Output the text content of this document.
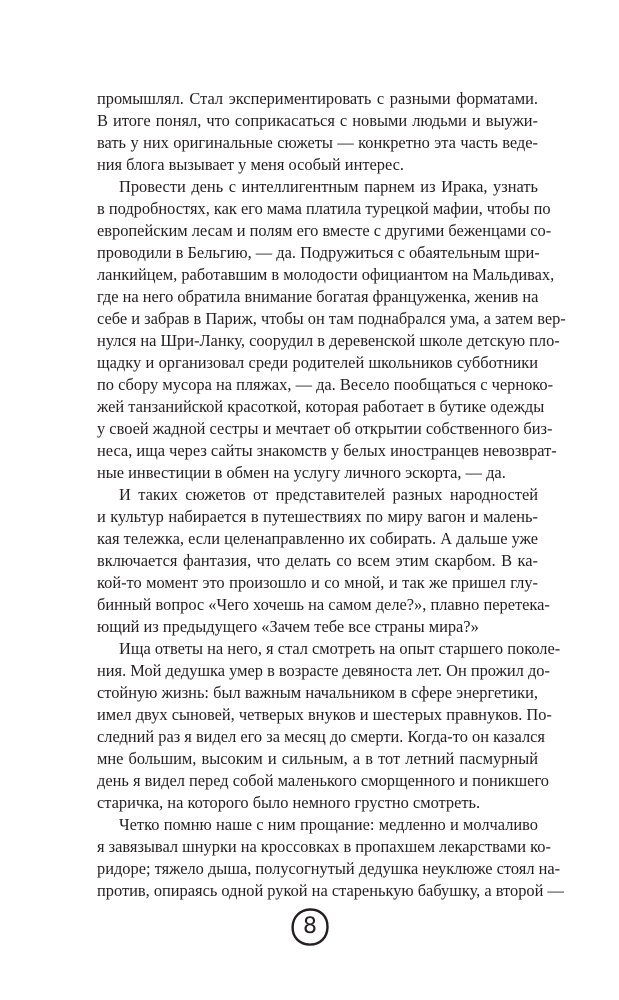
промышлял. Стал экспериментировать с разными форматами.
В итоге понял, что соприкасаться с новыми людьми и выужи-
вать у них оригинальные сюжеты — конкретно эта часть веде-
ния блога вызывает у меня особый интерес.

Провести день с интеллигентным парнем из Ирака, узнать
в подробностях, как его мама платила турецкой мафии, чтобы по
европейским лесам и полям его вместе с другими беженцами со-
проводили в Бельгию, — да. Подружиться с обаятельным шри-
ланкийцем, работавшим в молодости официантом на Мальдивах,
где на него обратила внимание богатая француженка, женив на
себе и забрав в Париж, чтобы он там поднабрался ума, а затем вер-
нулся на Шри-Ланку, соорудил в деревенской школе детскую пло-
щадку и организовал среди родителей школьников субботники
по сбору мусора на пляжах, — да. Весело пообщаться с черноко-
жей танзанийской красоткой, которая работает в бутике одежды
у своей жадной сестры и мечтает об открытии собственного биз-
неса, ища через сайты знакомств у белых иностранцев невозврат-
ные инвестиции в обмен на услугу личного эскорта, — да.

И таких сюжетов от представителей разных народностей
и культур набирается в путешествиях по миру вагон и малень-
кая тележка, если целенаправленно их собирать. А дальше уже
включается фантазия, что делать со всем этим скарбом. В ка-
кой-то момент это произошло и со мной, и так же пришел глу-
бинный вопрос «Чего хочешь на самом деле?», плавно перетека-
ющий из предыдущего «Зачем тебе все страны мира?»

Ища ответы на него, я стал смотреть на опыт старшего поколе-
ния. Мой дедушка умер в возрасте девяноста лет. Он прожил до-
стойную жизнь: был важным начальником в сфере энергетики,
имел двух сыновей, четверых внуков и шестерых правнуков. По-
следний раз я видел его за месяц до смерти. Когда-то он казался
мне большим, высоким и сильным, а в тот летний пасмурный
день я видел перед собой маленького сморщенного и поникшего
старичка, на которого было немного грустно смотреть.

Четко помню наше с ним прощание: медленно и молчаливо
я завязывал шнурки на кроссовках в пропахшем лекарствами ко-
ридоре; тяжело дыша, полусогнутый дедушка неуклюже стоял на-
против, опираясь одной рукой на старенькую бабушку, а второй —

8
